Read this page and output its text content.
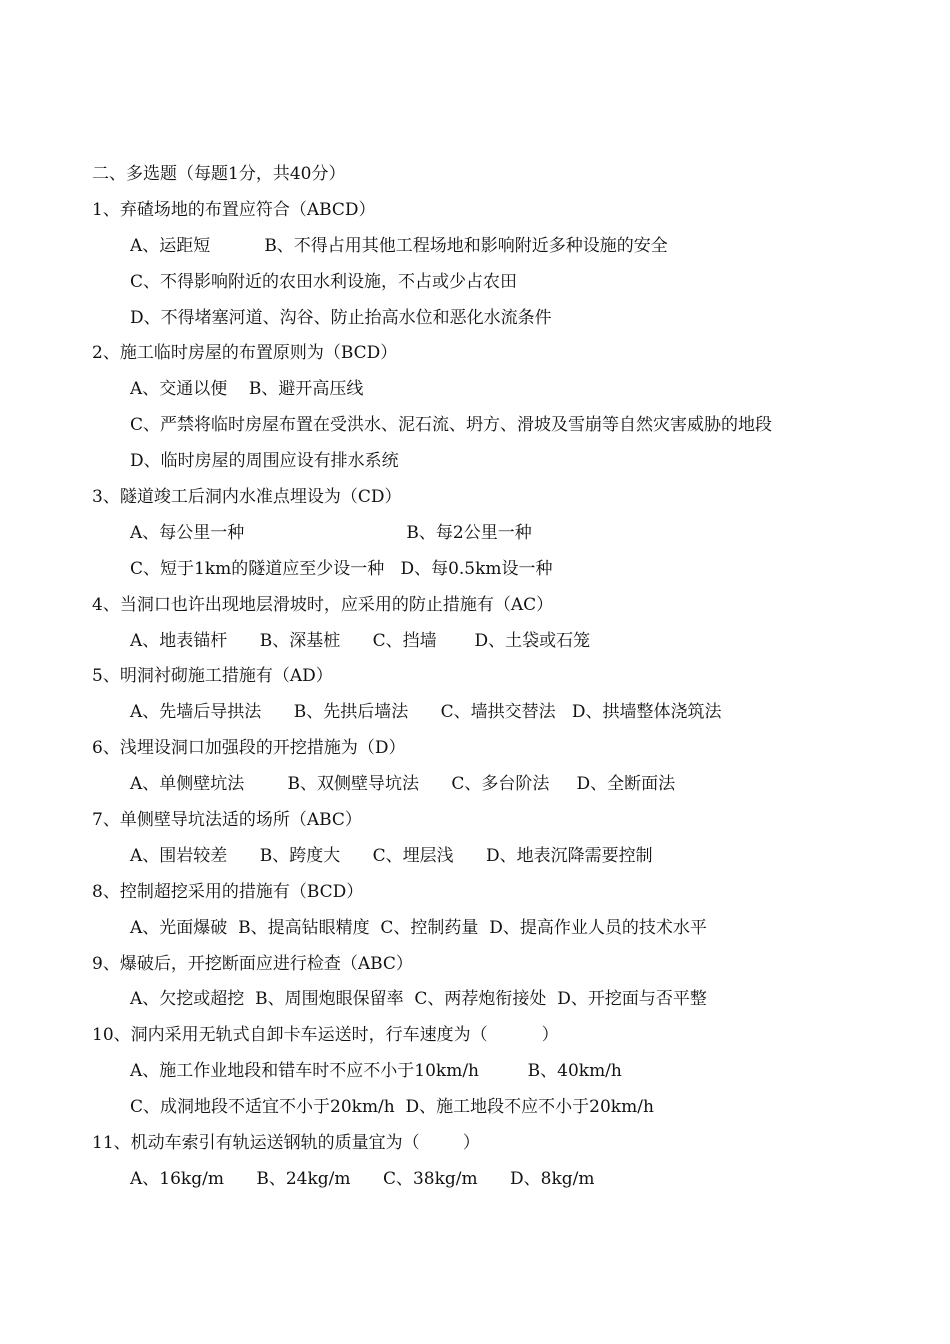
二、多选题（每题1分，共40分）
1、弃碴场地的布置应符合（ABCD）
A、运距短          B、不得占用其他工程场地和影响附近多种设施的安全
C、不得影响附近的农田水利设施，不占或少占农田
D、不得堵塞河道、沟谷、防止抬高水位和恶化水流条件
2、施工临时房屋的布置原则为（BCD）
A、交通以便    B、避开高压线
C、严禁将临时房屋布置在受洪水、泥石流、坍方、滑坡及雪崩等自然灾害威胁的地段
D、临时房屋的周围应设有排水系统
3、隧道竣工后洞内水准点埋设为（CD）
A、每公里一种                              B、每2公里一种
C、短于1km的隧道应至少设一种   D、每0.5km设一种
4、当洞口也许出现地层滑坡时，应采用的防止措施有（AC）
A、地表锚杆      B、深基桩      C、挡墙       D、土袋或石笼
5、明洞衬砌施工措施有（AD）
A、先墙后导拱法      B、先拱后墙法      C、墙拱交替法   D、拱墙整体浇筑法
6、浅埋设洞口加强段的开挖措施为（D）
A、单侧壁坑法        B、双侧壁导坑法      C、多台阶法     D、全断面法
7、单侧壁导坑法适的场所（ABC）
A、围岩较差      B、跨度大      C、埋层浅      D、地表沉降需要控制
8、控制超挖采用的措施有（BCD）
A、光面爆破  B、提高钻眼精度  C、控制药量  D、提高作业人员的技术水平
9、爆破后，开挖断面应进行检查（ABC）
A、欠挖或超挖  B、周围炮眼保留率  C、两荐炮衔接处  D、开挖面与否平整
10、洞内采用无轨式自卸卡车运送时，行车速度为（          ）
A、施工作业地段和错车时不应不小于10km/h         B、40km/h
C、成洞地段不适宜不小于20km/h  D、施工地段不应不小于20km/h
11、机动车索引有轨运送钢轨的质量宜为（        ）
A、16kg/m      B、24kg/m      C、38kg/m      D、8kg/m
